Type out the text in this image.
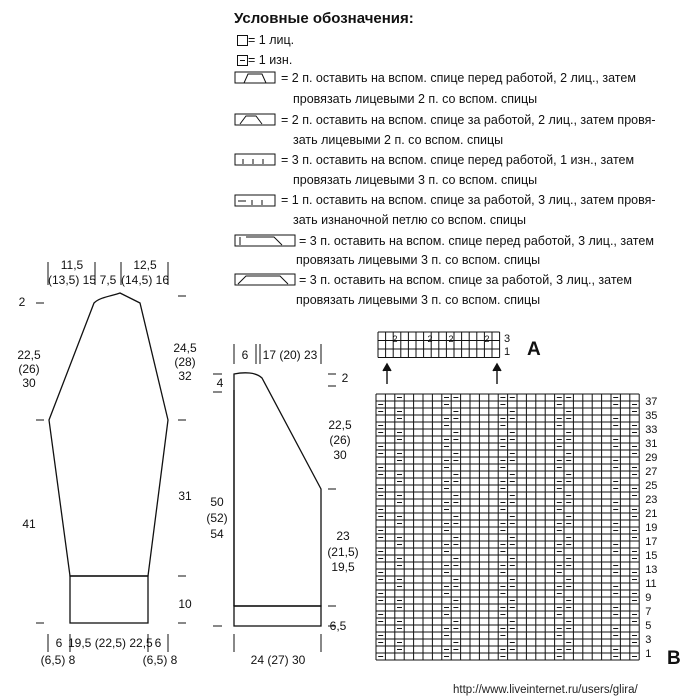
Условные обозначения:
= 1 лиц.
= 1 изн.
= 2 п. оставить на вспом. спице перед работой, 2 лиц., затем
провязать лицевыми 2 п. со вспом. спицы
= 2 п. оставить на вспом. спице за работой, 2 лиц., затем провя-
зать лицевыми 2 п. со вспом. спицы
= 3 п. оставить на вспом. спице перед работой, 1 изн., затем
провязать лицевыми 3 п. со вспом. спицы
= 1 п. оставить на вспом. спице за работой, 3 лиц., затем провя-
зать изнаночной петлю со вспом. спицы
= 3 п. оставить на вспом. спице перед работой, 3 лиц., затем
провязать лицевыми 3 п. со вспом. спицы
= 3 п. оставить на вспом. спице за работой, 3 лиц., затем
провязать лицевыми 3 п. со вспом. спицы
11,5
(13,5) 15 7,5
12,5
(14,5) 16
2
22,5
(26)
30
41
24,5
(28)
32
31
10
6
(6,5) 8
19,5 (22,5) 22,5 6
(6,5) 8
6	17 (20) 23
4	2
22,5
(26)
30
23
(21,5)
19,5
50
(52)
54
6,5
24 (27) 30
2	2 2	2 3
1 A
37
35
33
31
29
27
25
23
21
19
17
15
13
11
9
7
5
3
1 B
http://www.liveinternet.ru/users/glira/
